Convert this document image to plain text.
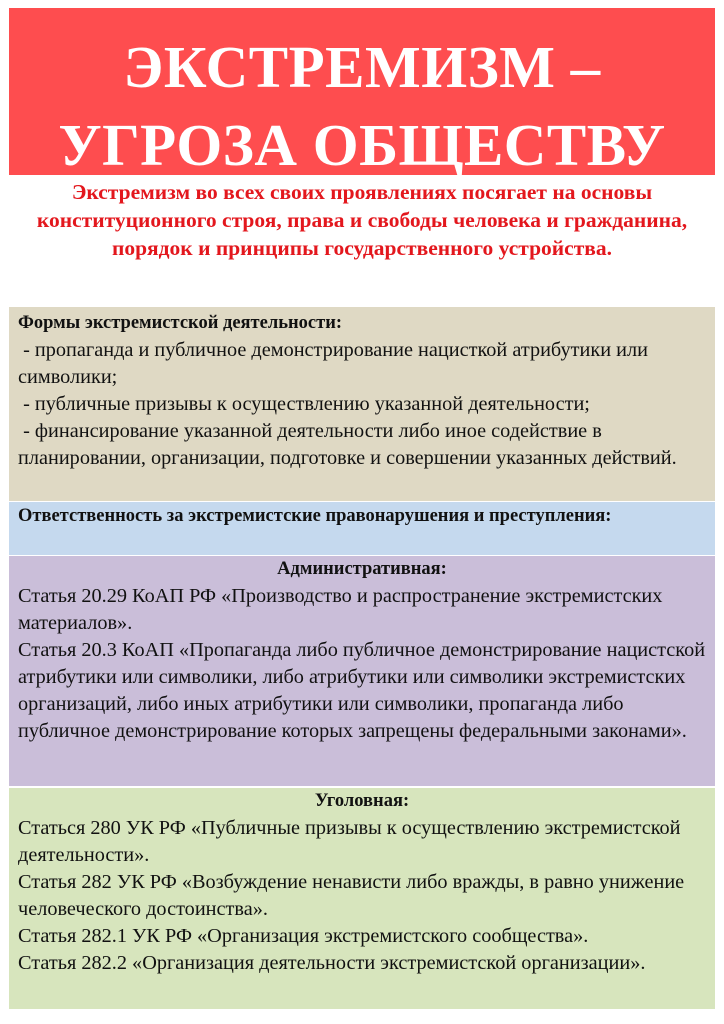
ЭКСТРЕМИЗМ –
УГРОЗА ОБЩЕСТВУ
Экстремизм во всех своих проявлениях посягает на основы конституционного строя, права и свободы человека и гражданина, порядок и принципы государственного устройства.
Формы экстремистской деятельности:

- пропаганда и публичное демонстрирование нацисткой атрибутики или символики;

- публичные призывы к осуществлению указанной деятельности;

- финансирование указанной деятельности либо иное содействие в планировании, организации, подготовке и совершении указанных действий.

Ответственность за экстремистские правонарушения и преступления:
Административная:

Статья 20.29 КоАП РФ «Производство и распространение экстремистских материалов».

Статья 20.3 КоАП «Пропаганда либо публичное демонстрирование нацистской атрибутики или символики, либо атрибутики или символики экстремистских организаций, либо иных атрибутики или символики, пропаганда либо публичное демонстрирование которых запрещены федеральными законами».

Уголовная:

Статься 280 УК РФ «Публичные призывы к осуществлению экстремистской деятельности».

Статья 282 УК РФ «Возбуждение ненависти либо вражды, в равно унижение человеческого достоинства».

Статья 282.1 УК РФ «Организация экстремистского сообщества».

Статья 282.2 «Организация деятельности экстремистской организации».
